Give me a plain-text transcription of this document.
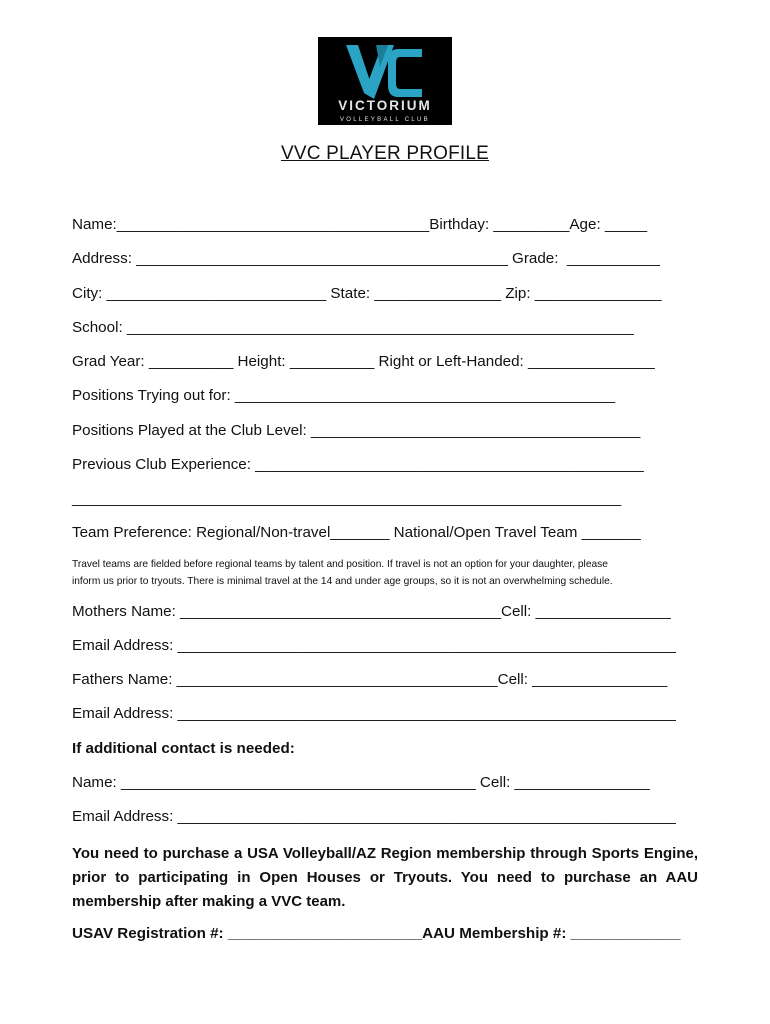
VICTORIUM
VOLLEYBALL CLUB
VVC PLAYER PROFILE
Name:_____________________________________Birthday: _________Age: _____
Address: ____________________________________________ Grade:  ___________
City: __________________________ State: _______________ Zip: _______________
School: ____________________________________________________________
Grad Year: __________ Height: __________ Right or Left-Handed: _______________
Positions Trying out for: _____________________________________________
Positions Played at the Club Level: _______________________________________
Previous Club Experience: ______________________________________________
_________________________________________________________________
Team Preference: Regional/Non-travel_______ National/Open Travel Team _______
Travel teams are fielded before regional teams by talent and position. If travel is not an option for your daughter, please
inform us prior to tryouts. There is minimal travel at the 14 and under age groups, so it is not an overwhelming schedule.
Mothers Name: ______________________________________Cell: ________________
Email Address: ___________________________________________________________
Fathers Name: ______________________________________Cell: ________________
Email Address: ___________________________________________________________
If additional contact is needed:
Name: __________________________________________ Cell: ________________
Email Address: ___________________________________________________________
You need to purchase a USA Volleyball/AZ Region membership through Sports Engine,
prior to participating in Open Houses or Tryouts. You need to purchase an AAU
membership after making a VVC team.
USAV Registration #: _______________________AAU Membership #: _____________
